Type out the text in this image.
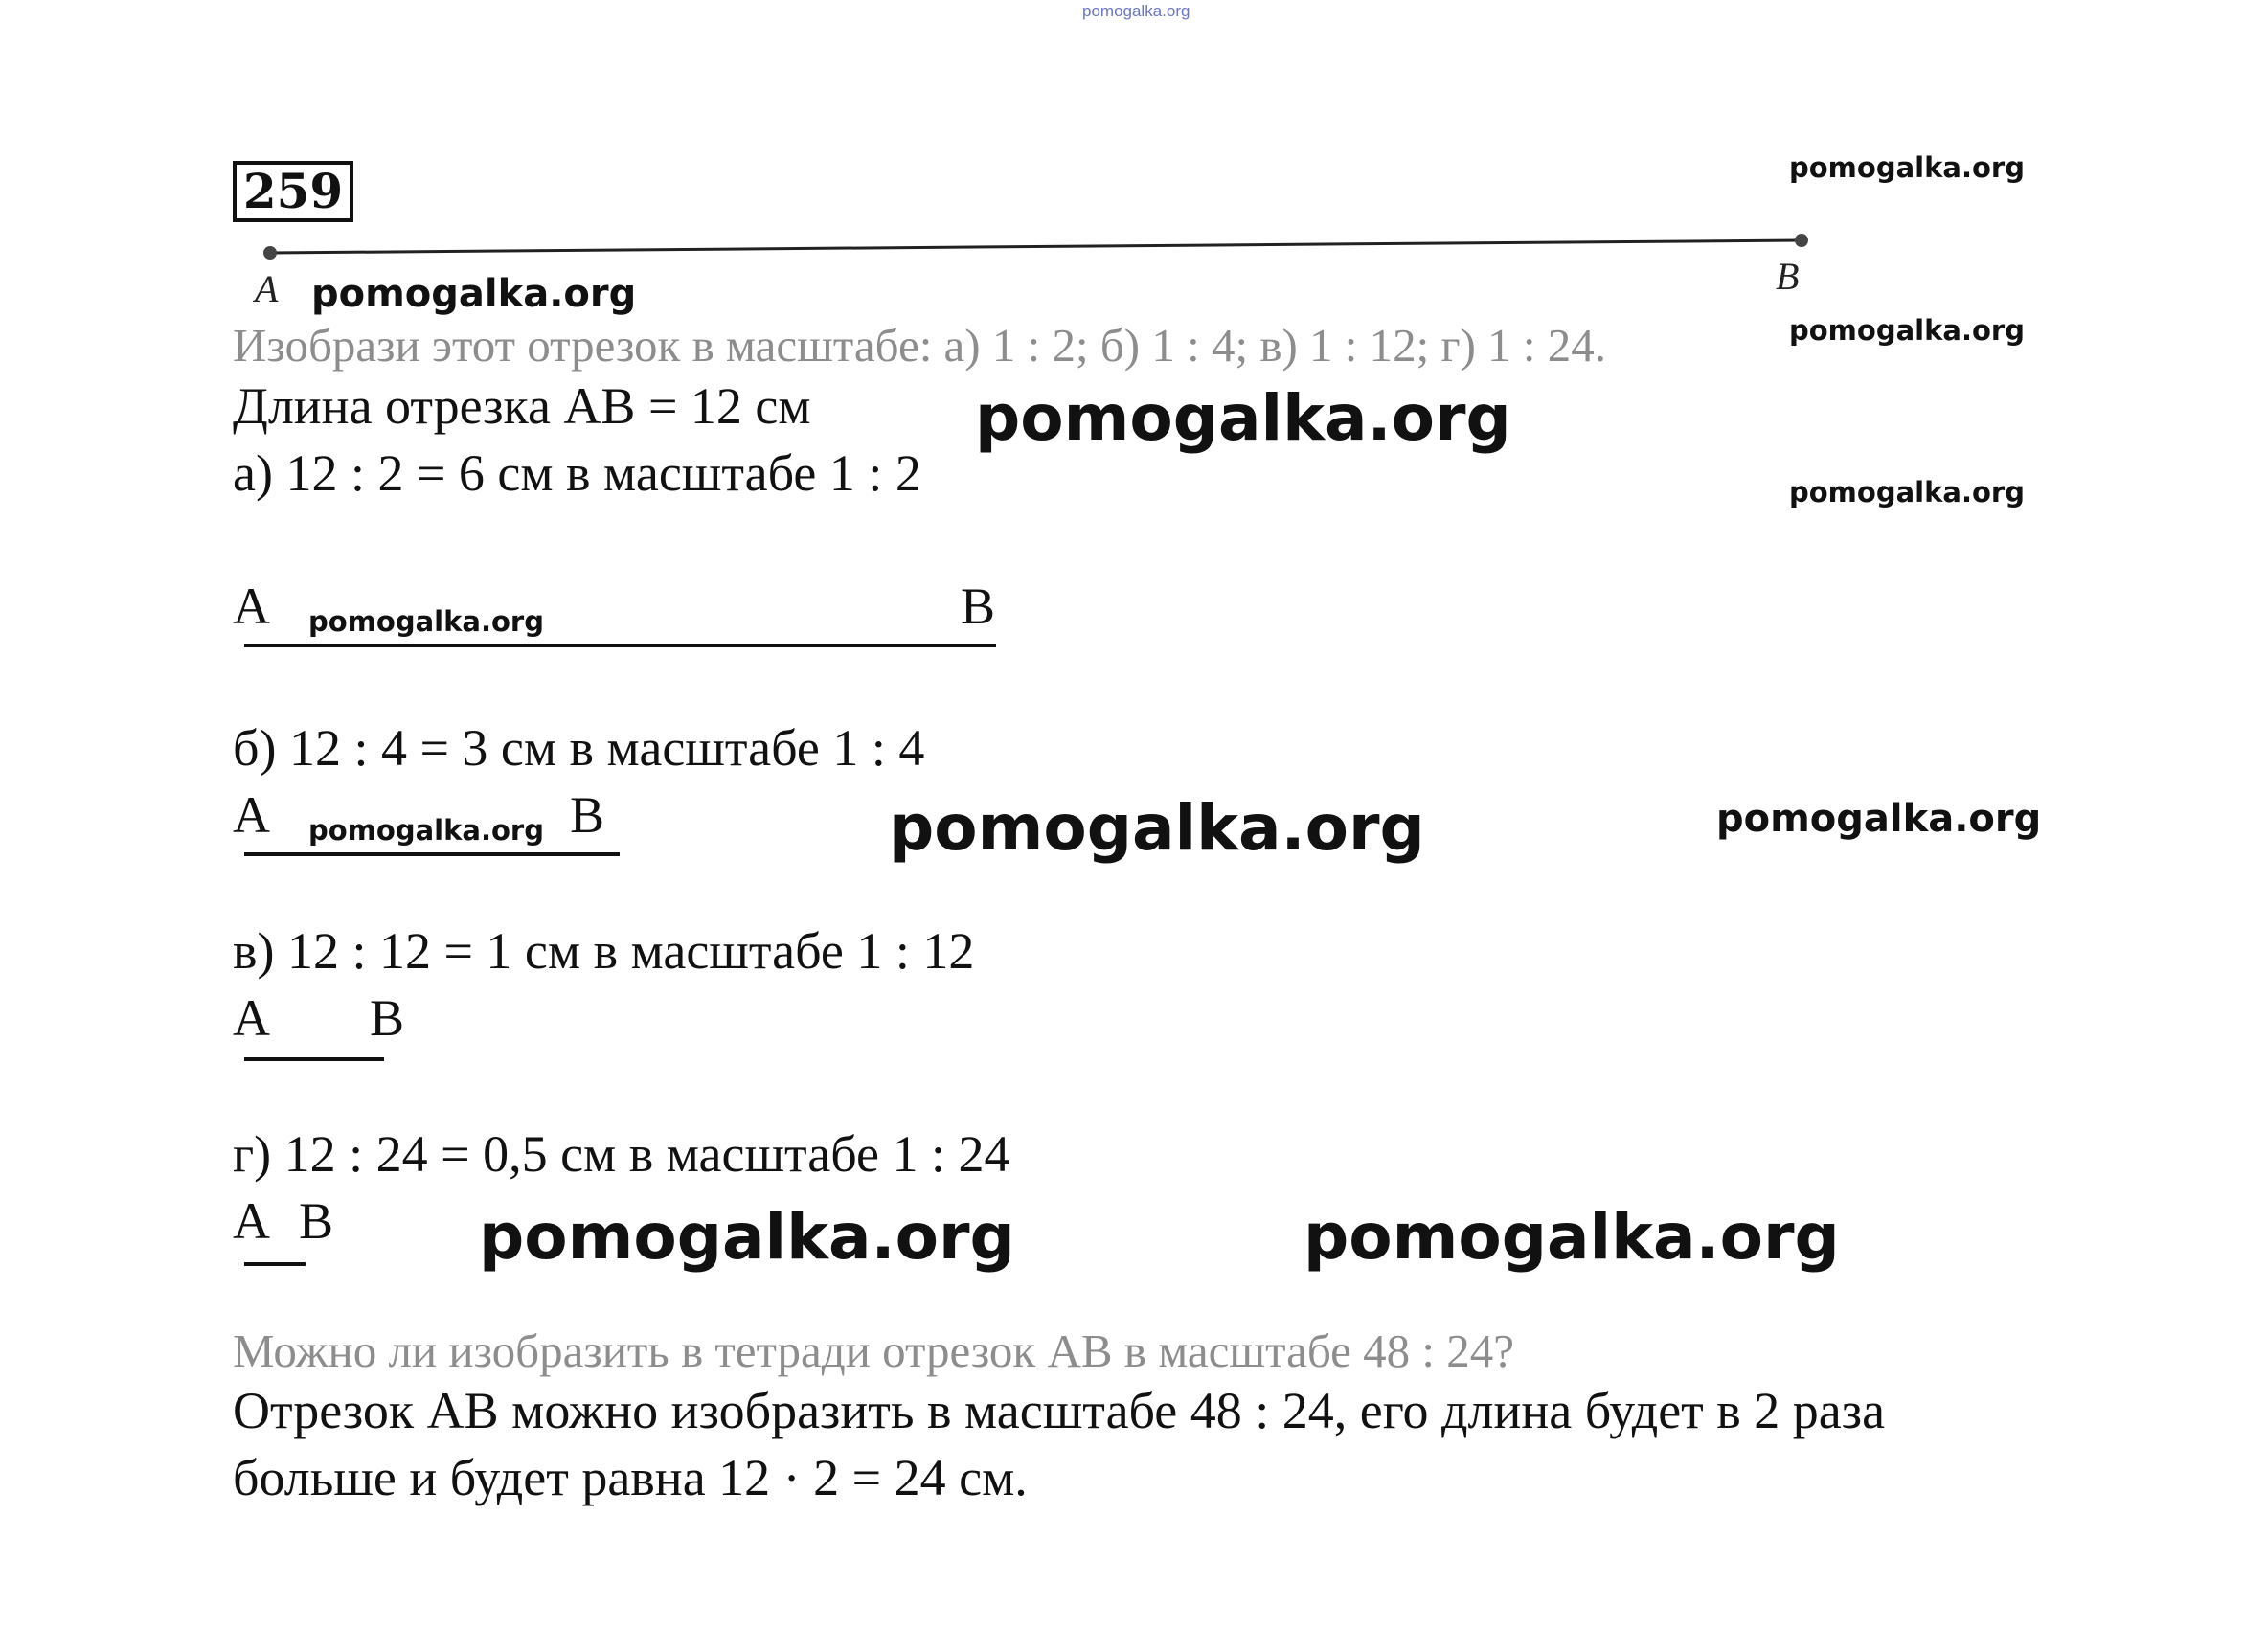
pomogalka.org
259
A	B
pomogalka.org
pomogalka.org
pomogalka.org
pomogalka.org
pomogalka.org
pomogalka.org
pomogalka.org
pomogalka.org
pomogalka.org
pomogalka.org	pomogalka.org
Изобрази этот отрезок в масштабе: а) 1 : 2; б) 1 : 4; в) 1 : 12; г) 1 : 24.
Длина отрезка АВ = 12 см
а) 12 : 2 = 6 см в масштабе 1 : 2
А	В
б) 12 : 4 = 3 см в масштабе 1 : 4
А	В
в) 12 : 12 = 1 см в масштабе 1 : 12
А В
г) 12 : 24 = 0,5 см в масштабе 1 : 24
А В
Можно ли изобразить в тетради отрезок АВ в масштабе 48 : 24?
Отрезок АВ можно изобразить в масштабе 48 : 24, его длина будет в 2 раза
больше и будет равна 12 · 2 = 24 см.
